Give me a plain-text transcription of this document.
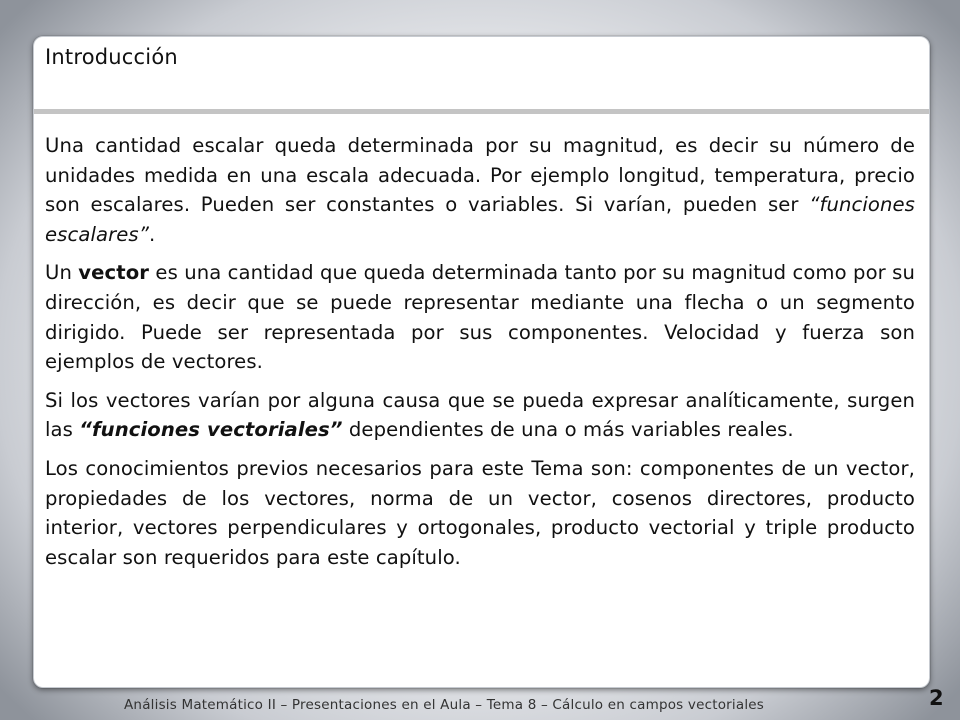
Introducción

Una cantidad escalar queda determinada por su magnitud, es decir su número de unidades medida en una escala adecuada. Por ejemplo longitud, temperatura, precio son escalares. Pueden ser constantes o variables. Si varían, pueden ser “funciones escalares”.

Un vector es una cantidad que queda determinada tanto por su magnitud como por su dirección, es decir que se puede representar mediante una flecha o un segmento dirigido. Puede ser representada por sus componentes. Velocidad y fuerza son ejemplos de vectores.

Si los vectores varían por alguna causa que se pueda expresar analíticamente, surgen las “funciones vectoriales” dependientes de una o más variables reales.

Los conocimientos previos necesarios para este Tema son: componentes de un vector, propiedades de los vectores, norma de un vector, cosenos directores, producto interior, vectores perpendiculares y ortogonales, producto vectorial y triple producto escalar son requeridos para este capítulo.

Análisis Matemático II – Presentaciones en el Aula – Tema 8 – Cálculo en campos vectoriales	2
